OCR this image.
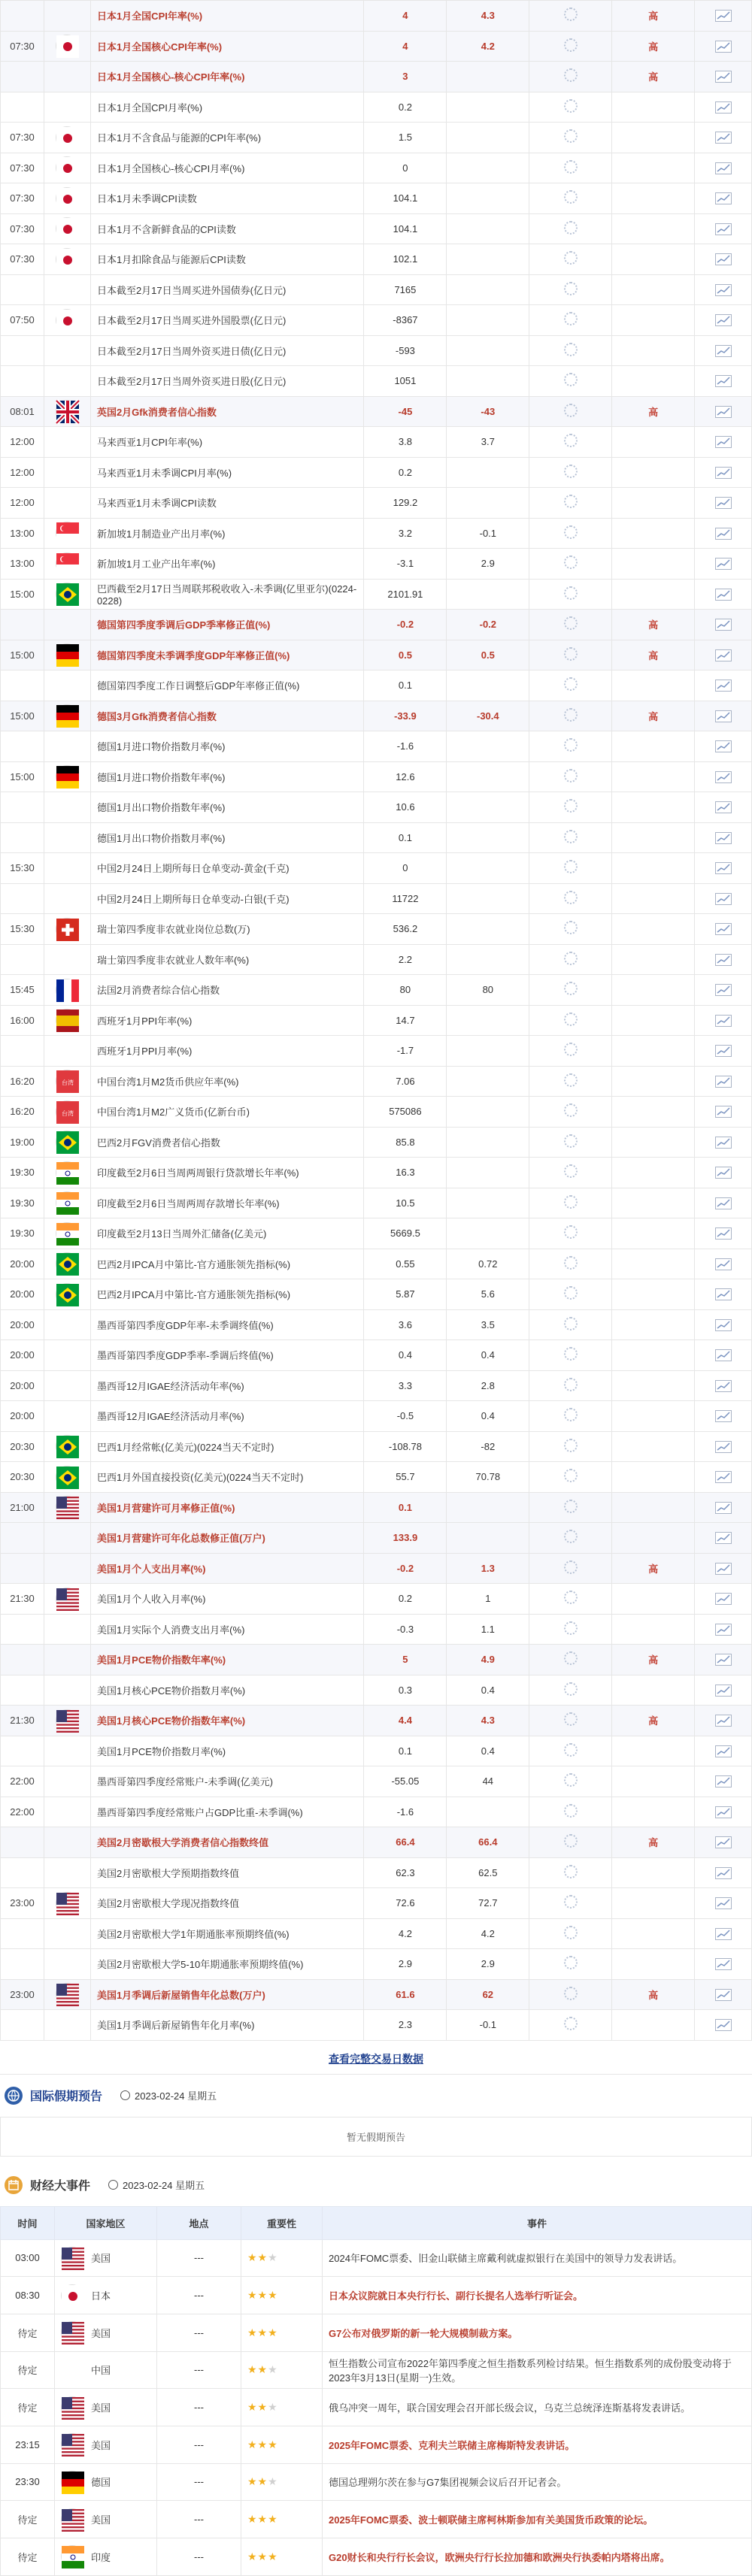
		日本1月全国CPI年率(%)	4	4.3		高	
07:30		日本1月全国核心CPI年率(%)	4	4.2		高	
		日本1月全国核心-核心CPI年率(%)	3			高	
		日本1月全国CPI月率(%)	0.2				
07:30		日本1月不含食品与能源的CPI年率(%)	1.5				
07:30		日本1月全国核心-核心CPI月率(%)	0				
07:30		日本1月未季调CPI读数	104.1				
07:30		日本1月不含新鲜食品的CPI读数	104.1				
07:30		日本1月扣除食品与能源后CPI读数	102.1				
		日本截至2月17日当周买进外国债券(亿日元)	7165				
07:50		日本截至2月17日当周买进外国股票(亿日元)	-8367				
		日本截至2月17日当周外资买进日债(亿日元)	-593				
		日本截至2月17日当周外资买进日股(亿日元)	1051				
08:01		英国2月Gfk消费者信心指数	-45	-43		高	
12:00		马来西亚1月CPI年率(%)	3.8	3.7			
12:00		马来西亚1月未季调CPI月率(%)	0.2				
12:00		马来西亚1月未季调CPI读数	129.2				
13:00		新加坡1月制造业产出月率(%)	3.2	-0.1			
13:00		新加坡1月工业产出年率(%)	-3.1	2.9			
15:00		巴西截至2月17日当周联邦税收收入-未季调(亿里亚尔)(0224-0228)	2101.91				
		德国第四季度季调后GDP季率修正值(%)	-0.2	-0.2		高	
15:00		德国第四季度未季调季度GDP年率修正值(%)	0.5	0.5		高	
		德国第四季度工作日调整后GDP年率修正值(%)	0.1				
15:00		德国3月Gfk消费者信心指数	-33.9	-30.4		高	
		德国1月进口物价指数月率(%)	-1.6				
15:00		德国1月进口物价指数年率(%)	12.6				
		德国1月出口物价指数年率(%)	10.6				
		德国1月出口物价指数月率(%)	0.1				
15:30		中国2月24日上期所每日仓单变动-黄金(千克)	0				
		中国2月24日上期所每日仓单变动-白银(千克)	11722				
15:30		瑞士第四季度非农就业岗位总数(万)	536.2				
		瑞士第四季度非农就业人数年率(%)	2.2				
15:45		法国2月消费者综合信心指数	80	80			
16:00		西班牙1月PPI年率(%)	14.7				
		西班牙1月PPI月率(%)	-1.7				
16:20	台湾	中国台湾1月M2货币供应年率(%)	7.06				
16:20	台湾	中国台湾1月M2广义货币(亿新台币)	575086				
19:00		巴西2月FGV消费者信心指数	85.8				
19:30		印度截至2月6日当周两周银行贷款增长年率(%)	16.3				
19:30		印度截至2月6日当周两周存款增长年率(%)	10.5				
19:30		印度截至2月13日当周外汇储备(亿美元)	5669.5				
20:00		巴西2月IPCA月中第比-官方通胀领先指标(%)	0.55	0.72			
20:00		巴西2月IPCA月中第比-官方通胀领先指标(%)	5.87	5.6			
20:00		墨西哥第四季度GDP年率-未季调终值(%)	3.6	3.5			
20:00		墨西哥第四季度GDP季率-季调后终值(%)	0.4	0.4			
20:00		墨西哥12月IGAE经济活动年率(%)	3.3	2.8			
20:00		墨西哥12月IGAE经济活动月率(%)	-0.5	0.4			
20:30		巴西1月经常帐(亿美元)(0224当天不定时)	-108.78	-82			
20:30		巴西1月外国直接投资(亿美元)(0224当天不定时)	55.7	70.78			
21:00		美国1月营建许可月率修正值(%)	0.1				
		美国1月营建许可年化总数修正值(万户)	133.9				
		美国1月个人支出月率(%)	-0.2	1.3		高	
21:30		美国1月个人收入月率(%)	0.2	1			
		美国1月实际个人消费支出月率(%)	-0.3	1.1			
		美国1月PCE物价指数年率(%)	5	4.9		高	
		美国1月核心PCE物价指数月率(%)	0.3	0.4			
21:30		美国1月核心PCE物价指数年率(%)	4.4	4.3		高	
		美国1月PCE物价指数月率(%)	0.1	0.4			
22:00		墨西哥第四季度经常账户-未季调(亿美元)	-55.05	44			
22:00		墨西哥第四季度经常账户占GDP比重-未季调(%)	-1.6				
		美国2月密歇根大学消费者信心指数终值	66.4	66.4		高	
		美国2月密歇根大学预期指数终值	62.3	62.5			
23:00		美国2月密歇根大学现况指数终值	72.6	72.7			
		美国2月密歇根大学1年期通胀率预期终值(%)	4.2	4.2			
		美国2月密歇根大学5-10年期通胀率预期终值(%)	2.9	2.9			
23:00		美国1月季调后新屋销售年化总数(万户)	61.6	62		高	
		美国1月季调后新屋销售年化月率(%)	2.3	-0.1			
查看完整交易日数据
国际假期预告	2023-02-24 星期五
暂无假期预告
财经大事件	2023-02-24 星期五
时间	国家地区	地点	重要性	事件
03:00	美国	---	★★★	2024年FOMC票委、旧金山联储主席戴利就虚拟银行在美国中的领导力发表讲话。
08:30	日本	---	★★★	日本众议院就日本央行行长、副行长提名人选举行听证会。
待定	美国	---	★★★	G7公布对俄罗斯的新一轮大规模制裁方案。
待定	中国	---	★★★	恒生指数公司宣布2022年第四季度之恒生指数系列检讨结果。恒生指数系列的成份股变动将于2023年3月13日(星期一)生效。
待定	美国	---	★★★	俄乌冲突一周年，联合国安理会召开部长级会议，乌克兰总统泽连斯基将发表讲话。
23:15	美国	---	★★★	2025年FOMC票委、克利夫兰联储主席梅斯特发表讲话。
23:30	德国	---	★★★	德国总理朔尔茨在参与G7集团视频会议后召开记者会。
待定	美国	---	★★★	2025年FOMC票委、波士顿联储主席柯林斯参加有关美国货币政策的论坛。
待定	印度	---	★★★	G20财长和央行行长会议，欧洲央行行长拉加德和欧洲央行执委帕内塔将出席。
